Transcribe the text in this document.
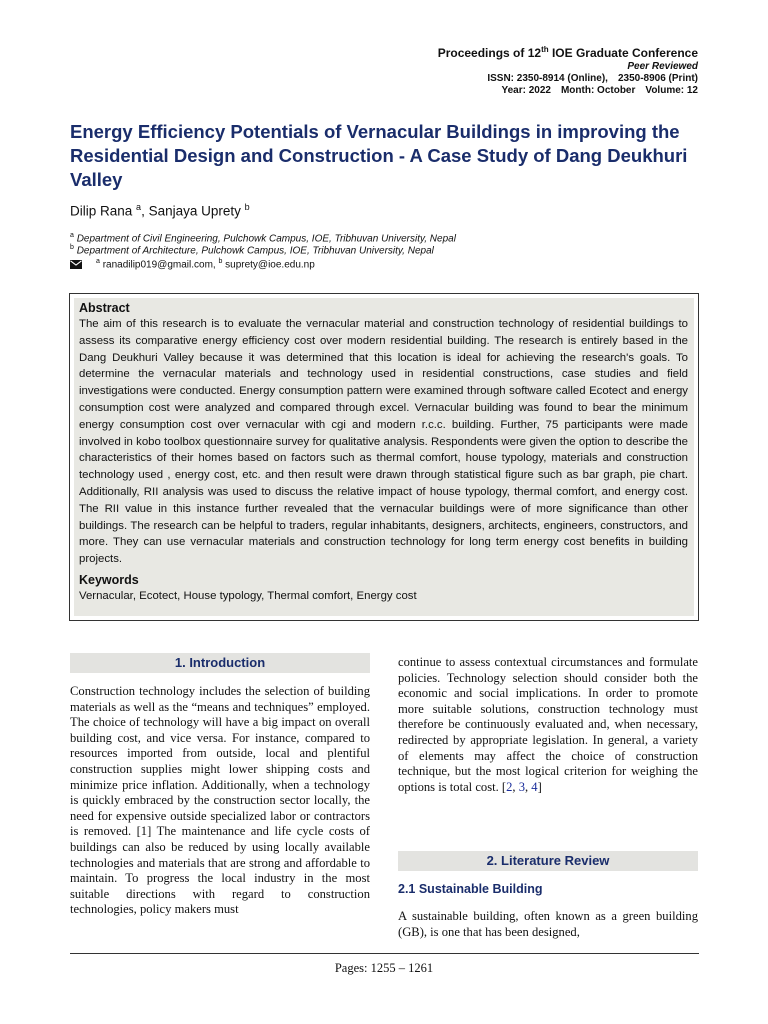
Proceedings of 12th IOE Graduate Conference
Peer Reviewed
ISSN: 2350-8914 (Online), 2350-8906 (Print)
Year: 2022 Month: October Volume: 12
Energy Efficiency Potentials of Vernacular Buildings in improving the Residential Design and Construction - A Case Study of Dang Deukhuri Valley
Dilip Rana $^a$, Sanjaya Uprety $^b$
$^a$ Department of Civil Engineering, Pulchowk Campus, IOE, Tribhuvan University, Nepal
$^b$ Department of Architecture, Pulchowk Campus, IOE, Tribhuvan University, Nepal
$^a$ ranadilip019@gmail.com, $^b$ suprety@ioe.edu.np
Abstract

The aim of this research is to evaluate the vernacular material and construction technology of residential buildings to assess its comparative energy efficiency cost over modern residential building. The research is entirely based in the Dang Deukhuri Valley because it was determined that this location is ideal for achieving the research's goals. To determine the vernacular materials and technology used in residential constructions, case studies and field investigations were conducted. Energy consumption pattern were examined through software called Ecotect and energy consumption cost were analyzed and compared through excel. Vernacular building was found to bear the minimum energy consumption cost over vernacular with cgi and modern r.c.c. building. Further, 75 participants were made involved in kobo toolbox questionnaire survey for qualitative analysis. Respondents were given the option to describe the characteristics of their homes based on factors such as thermal comfort, house typology, materials and construction technology used , energy cost, etc. and then result were drawn through statistical figure such as bar graph, pie chart. Additionally, RII analysis was used to discuss the relative impact of house typology, thermal comfort, and energy cost. The RII value in this instance further revealed that the vernacular buildings were of more significance than other buildings. The research can be helpful to traders, regular inhabitants, designers, architects, engineers, constructors, and more. They can use vernacular materials and construction technology for long term energy cost benefits in building projects.

Keywords

Vernacular, Ecotect, House typology, Thermal comfort, Energy cost

1. Introduction

Construction technology includes the selection of building materials as well as the “means and techniques” employed. The choice of technology will have a big impact on overall building cost, and vice versa. For instance, compared to resources imported from outside, local and plentiful construction supplies might lower shipping costs and minimize price inflation. Additionally, when a technology is quickly embraced by the construction sector locally, the need for expensive outside specialized labor or contractors is removed. [1] The maintenance and life cycle costs of buildings can also be reduced by using locally available technologies and materials that are strong and affordable to maintain. To progress the local industry in the most suitable directions with regard to construction technologies, policy makers must

continue to assess contextual circumstances and formulate policies. Technology selection should consider both the economic and social implications. In order to promote more suitable solutions, construction technology must therefore be continuously evaluated and, when necessary, redirected by appropriate legislation. In general, a variety of elements may affect the choice of construction technique, but the most logical criterion for weighing the options is total cost. [2, 3, 4]

2. Literature Review
2.1 Sustainable Building

A sustainable building, often known as a green building (GB), is one that has been designed,

Pages: 1255 – 1261
